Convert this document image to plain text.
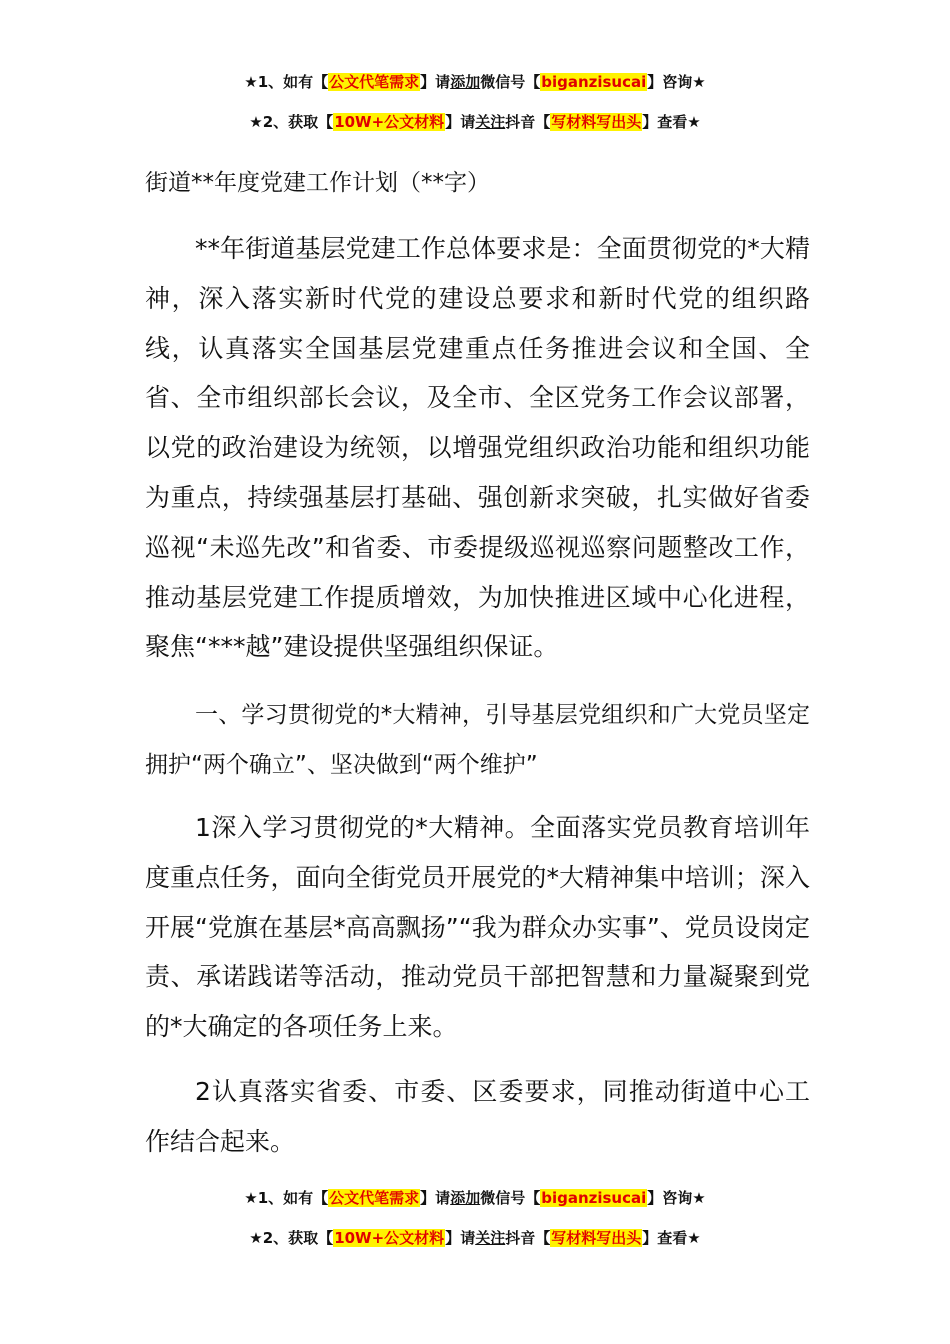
★1、如有【公文代笔需求】请添加微信号【biganzisucai】咨询★
★2、获取【10W+公文材料】请关注抖音【写材料写出头】查看★
街道**年度党建工作计划（**字）

**年街道基层党建工作总体要求是：全面贯彻党的*大精神，深入落实新时代党的建设总要求和新时代党的组织路线，认真落实全国基层党建重点任务推进会议和全国、全省、全市组织部长会议，及全市、全区党务工作会议部署，以党的政治建设为统领，以增强党组织政治功能和组织功能为重点，持续强基层打基础、强创新求突破，扎实做好省委巡视“未巡先改”和省委、市委提级巡视巡察问题整改工作，推动基层党建工作提质增效，为加快推进区域中心化进程，聚焦“***越”建设提供坚强组织保证。

一、学习贯彻党的*大精神，引导基层党组织和广大党员坚定拥护“两个确立”、坚决做到“两个维护”

1深入学习贯彻党的*大精神。全面落实党员教育培训年度重点任务，面向全街党员开展党的*大精神集中培训；深入开展“党旗在基层*高高飘扬”“我为群众办实事”、党员设岗定责、承诺践诺等活动，推动党员干部把智慧和力量凝聚到党的*大确定的各项任务上来。

2认真落实省委、市委、区委要求，同推动街道中心工作结合起来。

★1、如有【公文代笔需求】请添加微信号【biganzisucai】咨询★
★2、获取【10W+公文材料】请关注抖音【写材料写出头】查看★
